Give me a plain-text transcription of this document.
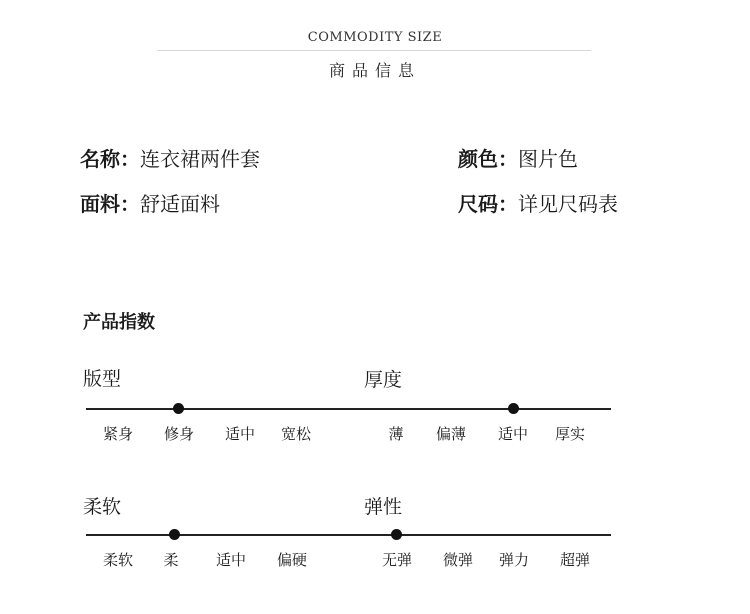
COMMODITY SIZE
商品信息
名称：连衣裙两件套	颜色：图片色
面料：舒适面料	尺码：详见尺码表
产品指数
版型
紧身	修身	适中	宽松
厚度
薄	偏薄	适中	厚实
柔软
柔软	柔	适中	偏硬
弹性
无弹	微弹	弹力	超弹
